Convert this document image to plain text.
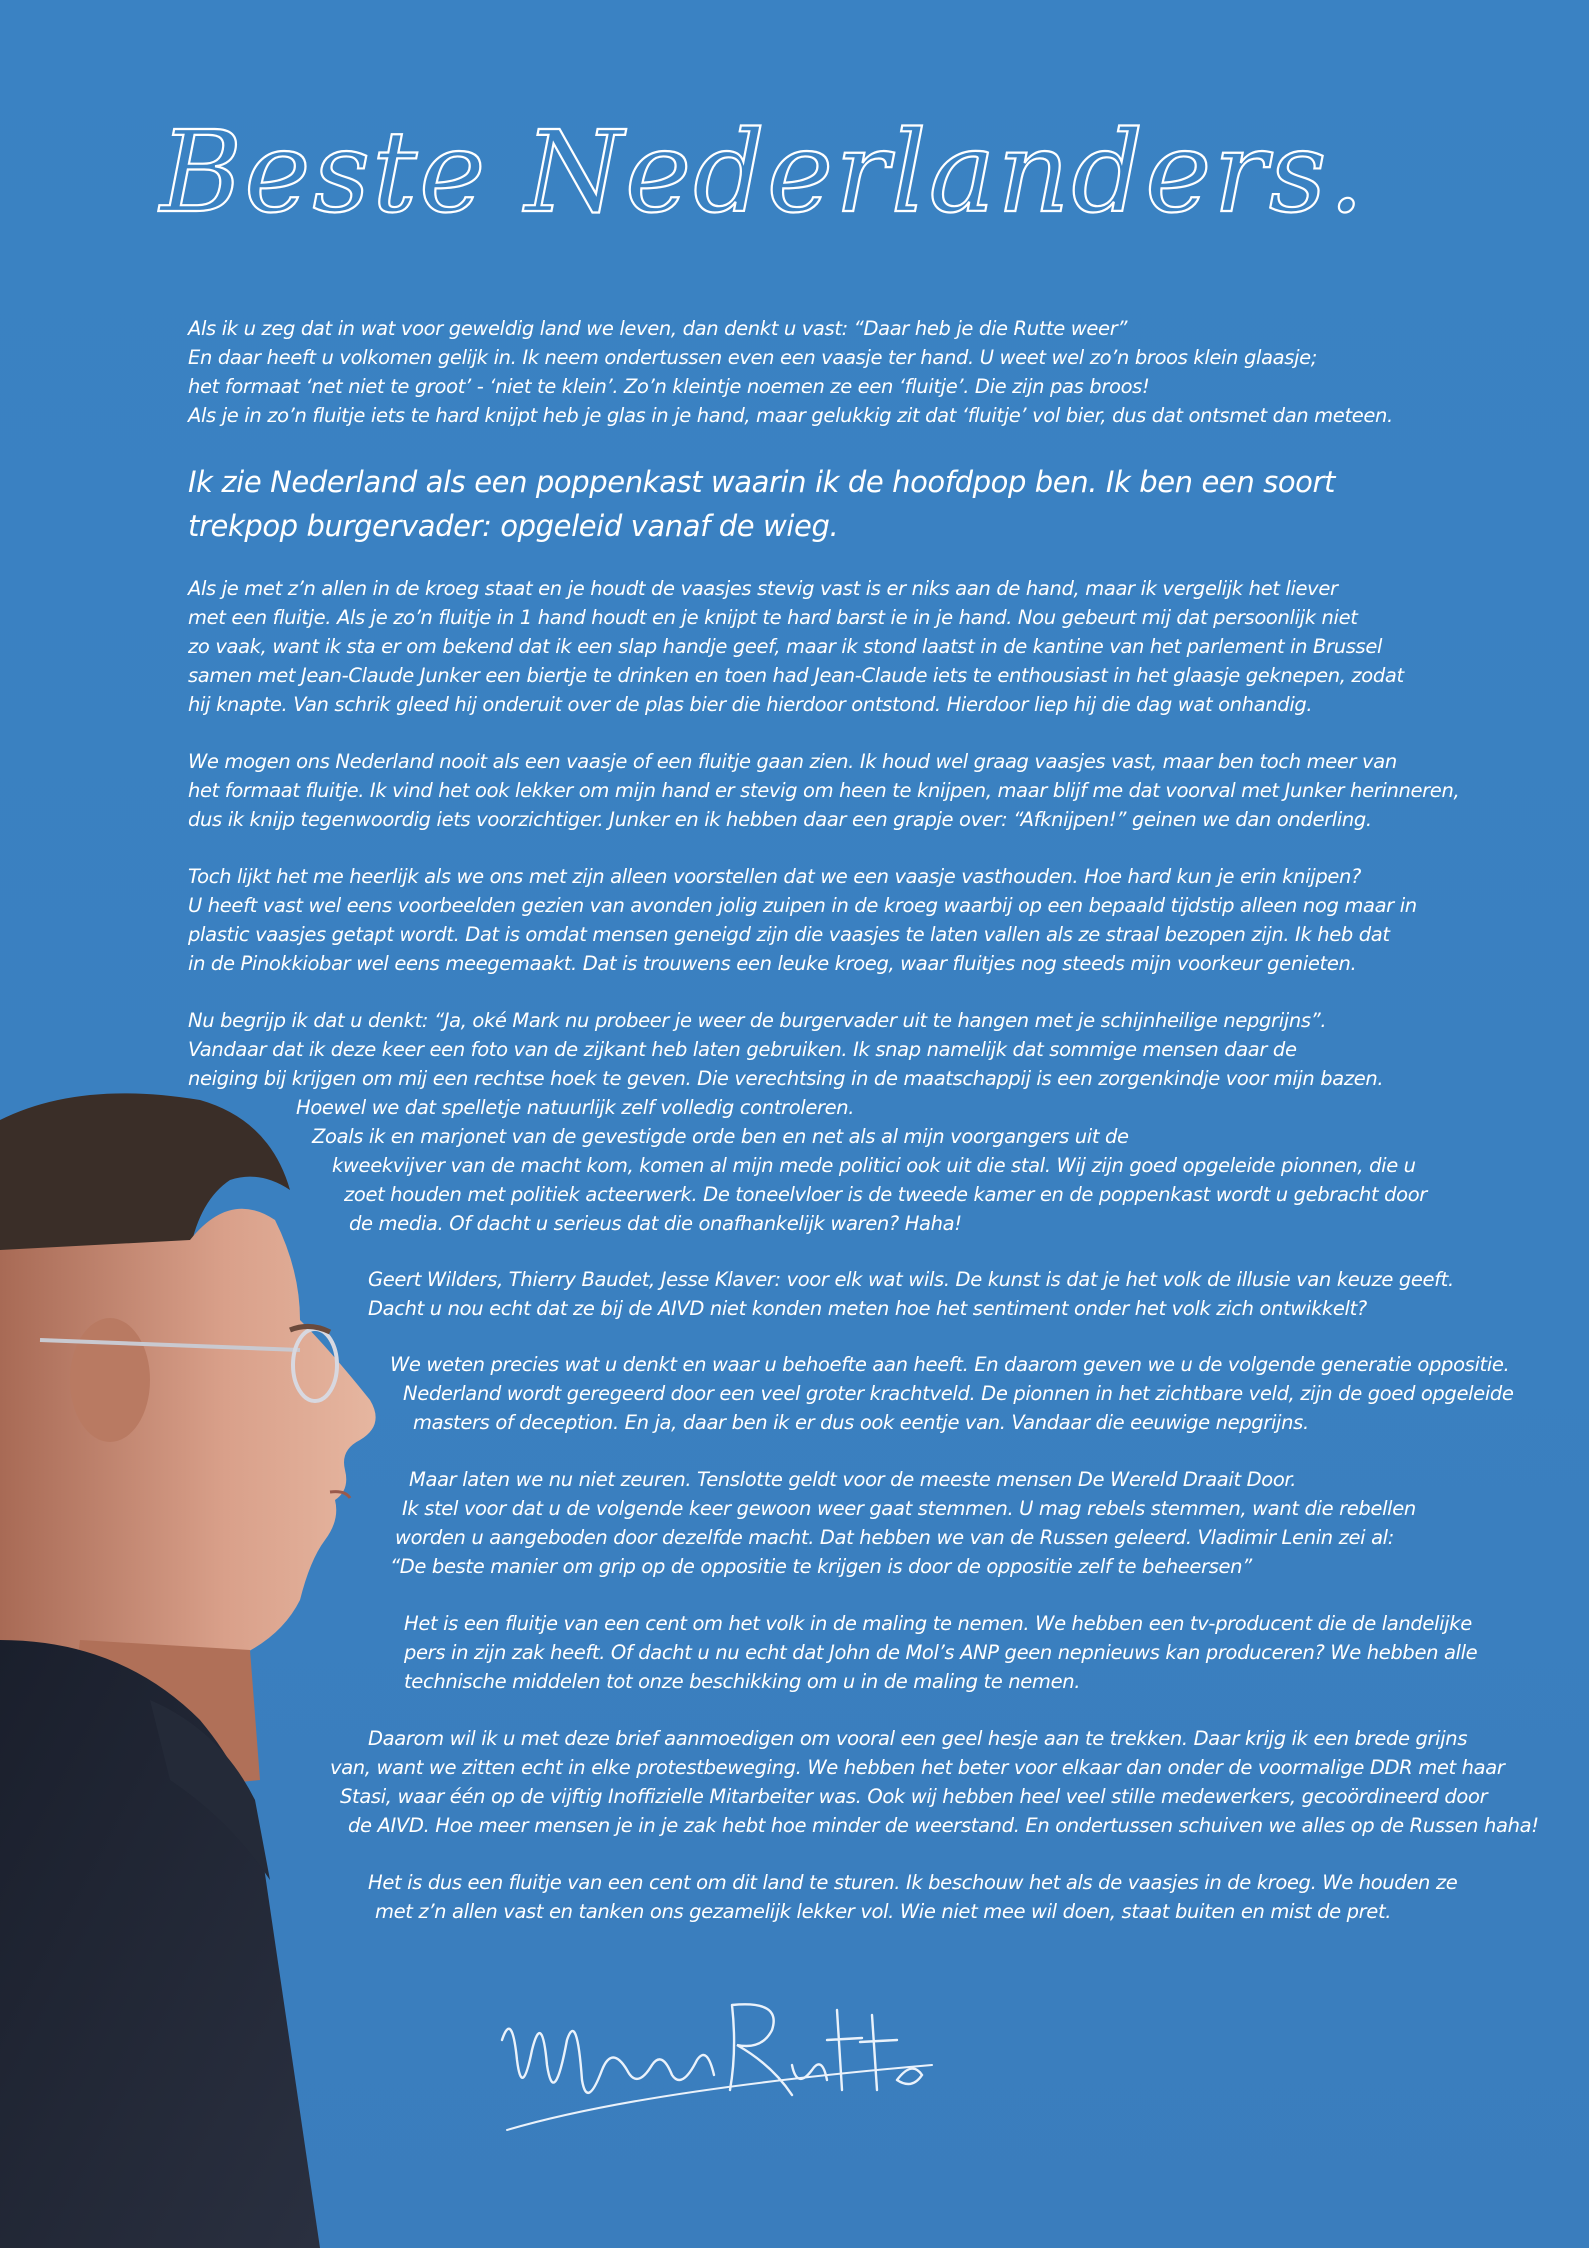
Beste Nederlanders.
Als ik u zeg dat in wat voor geweldig land we leven, dan denkt u vast: “Daar heb je die Rutte weer”
En daar heeft u volkomen gelijk in. Ik neem ondertussen even een vaasje ter hand. U weet wel zo’n broos klein glaasje;
het formaat ‘net niet te groot’ - ‘niet te klein’. Zo’n kleintje noemen ze een ‘fluitje’. Die zijn pas broos!
Als je in zo’n fluitje iets te hard knijpt heb je glas in je hand, maar gelukkig zit dat ‘fluitje’ vol bier, dus dat ontsmet dan meteen.
Ik zie Nederland als een poppenkast waarin ik de hoofdpop ben. Ik ben een soort
trekpop burgervader: opgeleid vanaf de wieg.
Als je met z’n allen in de kroeg staat en je houdt de vaasjes stevig vast is er niks aan de hand, maar ik vergelijk het liever
met een fluitje. Als je zo’n fluitje in 1 hand houdt en je knijpt te hard barst ie in je hand. Nou gebeurt mij dat persoonlijk niet
zo vaak, want ik sta er om bekend dat ik een slap handje geef, maar ik stond laatst in de kantine van het parlement in Brussel
samen met Jean-Claude Junker een biertje te drinken en toen had Jean-Claude iets te enthousiast in het glaasje geknepen, zodat
hij knapte. Van schrik gleed hij onderuit over de plas bier die hierdoor ontstond. Hierdoor liep hij die dag wat onhandig.
We mogen ons Nederland nooit als een vaasje of een fluitje gaan zien. Ik houd wel graag vaasjes vast, maar ben toch meer van
het formaat fluitje. Ik vind het ook lekker om mijn hand er stevig om heen te knijpen, maar blijf me dat voorval met Junker herinneren,
dus ik knijp tegenwoordig iets voorzichtiger. Junker en ik hebben daar een grapje over: “Afknijpen!” geinen we dan onderling.
Toch lijkt het me heerlijk als we ons met zijn alleen voorstellen dat we een vaasje vasthouden. Hoe hard kun je erin knijpen?
U heeft vast wel eens voorbeelden gezien van avonden jolig zuipen in de kroeg waarbij op een bepaald tijdstip alleen nog maar in
plastic vaasjes getapt wordt. Dat is omdat mensen geneigd zijn die vaasjes te laten vallen als ze straal bezopen zijn. Ik heb dat
in de Pinokkiobar wel eens meegemaakt. Dat is trouwens een leuke kroeg, waar fluitjes nog steeds mijn voorkeur genieten.
Nu begrijp ik dat u denkt: “Ja, oké Mark nu probeer je weer de burgervader uit te hangen met je schijnheilige nepgrijns”.
Vandaar dat ik deze keer een foto van de zijkant heb laten gebruiken. Ik snap namelijk dat sommige mensen daar de
neiging bij krijgen om mij een rechtse hoek te geven. Die verechtsing in de maatschappij is een zorgenkindje voor mijn bazen.
Hoewel we dat spelletje natuurlijk zelf volledig controleren.
Zoals ik en marjonet van de gevestigde orde ben en net als al mijn voorgangers uit de
kweekvijver van de macht kom, komen al mijn mede politici ook uit die stal. Wij zijn goed opgeleide pionnen, die u
zoet houden met politiek acteerwerk. De toneelvloer is de tweede kamer en de poppenkast wordt u gebracht door
de media. Of dacht u serieus dat die onafhankelijk waren? Haha!
Geert Wilders, Thierry Baudet, Jesse Klaver: voor elk wat wils. De kunst is dat je het volk de illusie van keuze geeft.
Dacht u nou echt dat ze bij de AIVD niet konden meten hoe het sentiment onder het volk zich ontwikkelt?
We weten precies wat u denkt en waar u behoefte aan heeft. En daarom geven we u de volgende generatie oppositie.
Nederland wordt geregeerd door een veel groter krachtveld. De pionnen in het zichtbare veld, zijn de goed opgeleide
masters of deception. En ja, daar ben ik er dus ook eentje van. Vandaar die eeuwige nepgrijns.
Maar laten we nu niet zeuren. Tenslotte geldt voor de meeste mensen De Wereld Draait Door.
Ik stel voor dat u de volgende keer gewoon weer gaat stemmen. U mag rebels stemmen, want die rebellen
worden u aangeboden door dezelfde macht. Dat hebben we van de Russen geleerd. Vladimir Lenin zei al:
“De beste manier om grip op de oppositie te krijgen is door de oppositie zelf te beheersen”
Het is een fluitje van een cent om het volk in de maling te nemen. We hebben een tv-producent die de landelijke
pers in zijn zak heeft. Of dacht u nu echt dat John de Mol’s ANP geen nepnieuws kan produceren? We hebben alle
technische middelen tot onze beschikking om u in de maling te nemen.
Daarom wil ik u met deze brief aanmoedigen om vooral een geel hesje aan te trekken. Daar krijg ik een brede grijns
van, want we zitten echt in elke protestbeweging. We hebben het beter voor elkaar dan onder de voormalige DDR met haar
Stasi, waar één op de vijftig Inoffizielle Mitarbeiter was. Ook wij hebben heel veel stille medewerkers, gecoördineerd door
de AIVD. Hoe meer mensen je in je zak hebt hoe minder de weerstand. En ondertussen schuiven we alles op de Russen haha!
Het is dus een fluitje van een cent om dit land te sturen. Ik beschouw het als de vaasjes in de kroeg. We houden ze
met z’n allen vast en tanken ons gezamelijk lekker vol. Wie niet mee wil doen, staat buiten en mist de pret.
